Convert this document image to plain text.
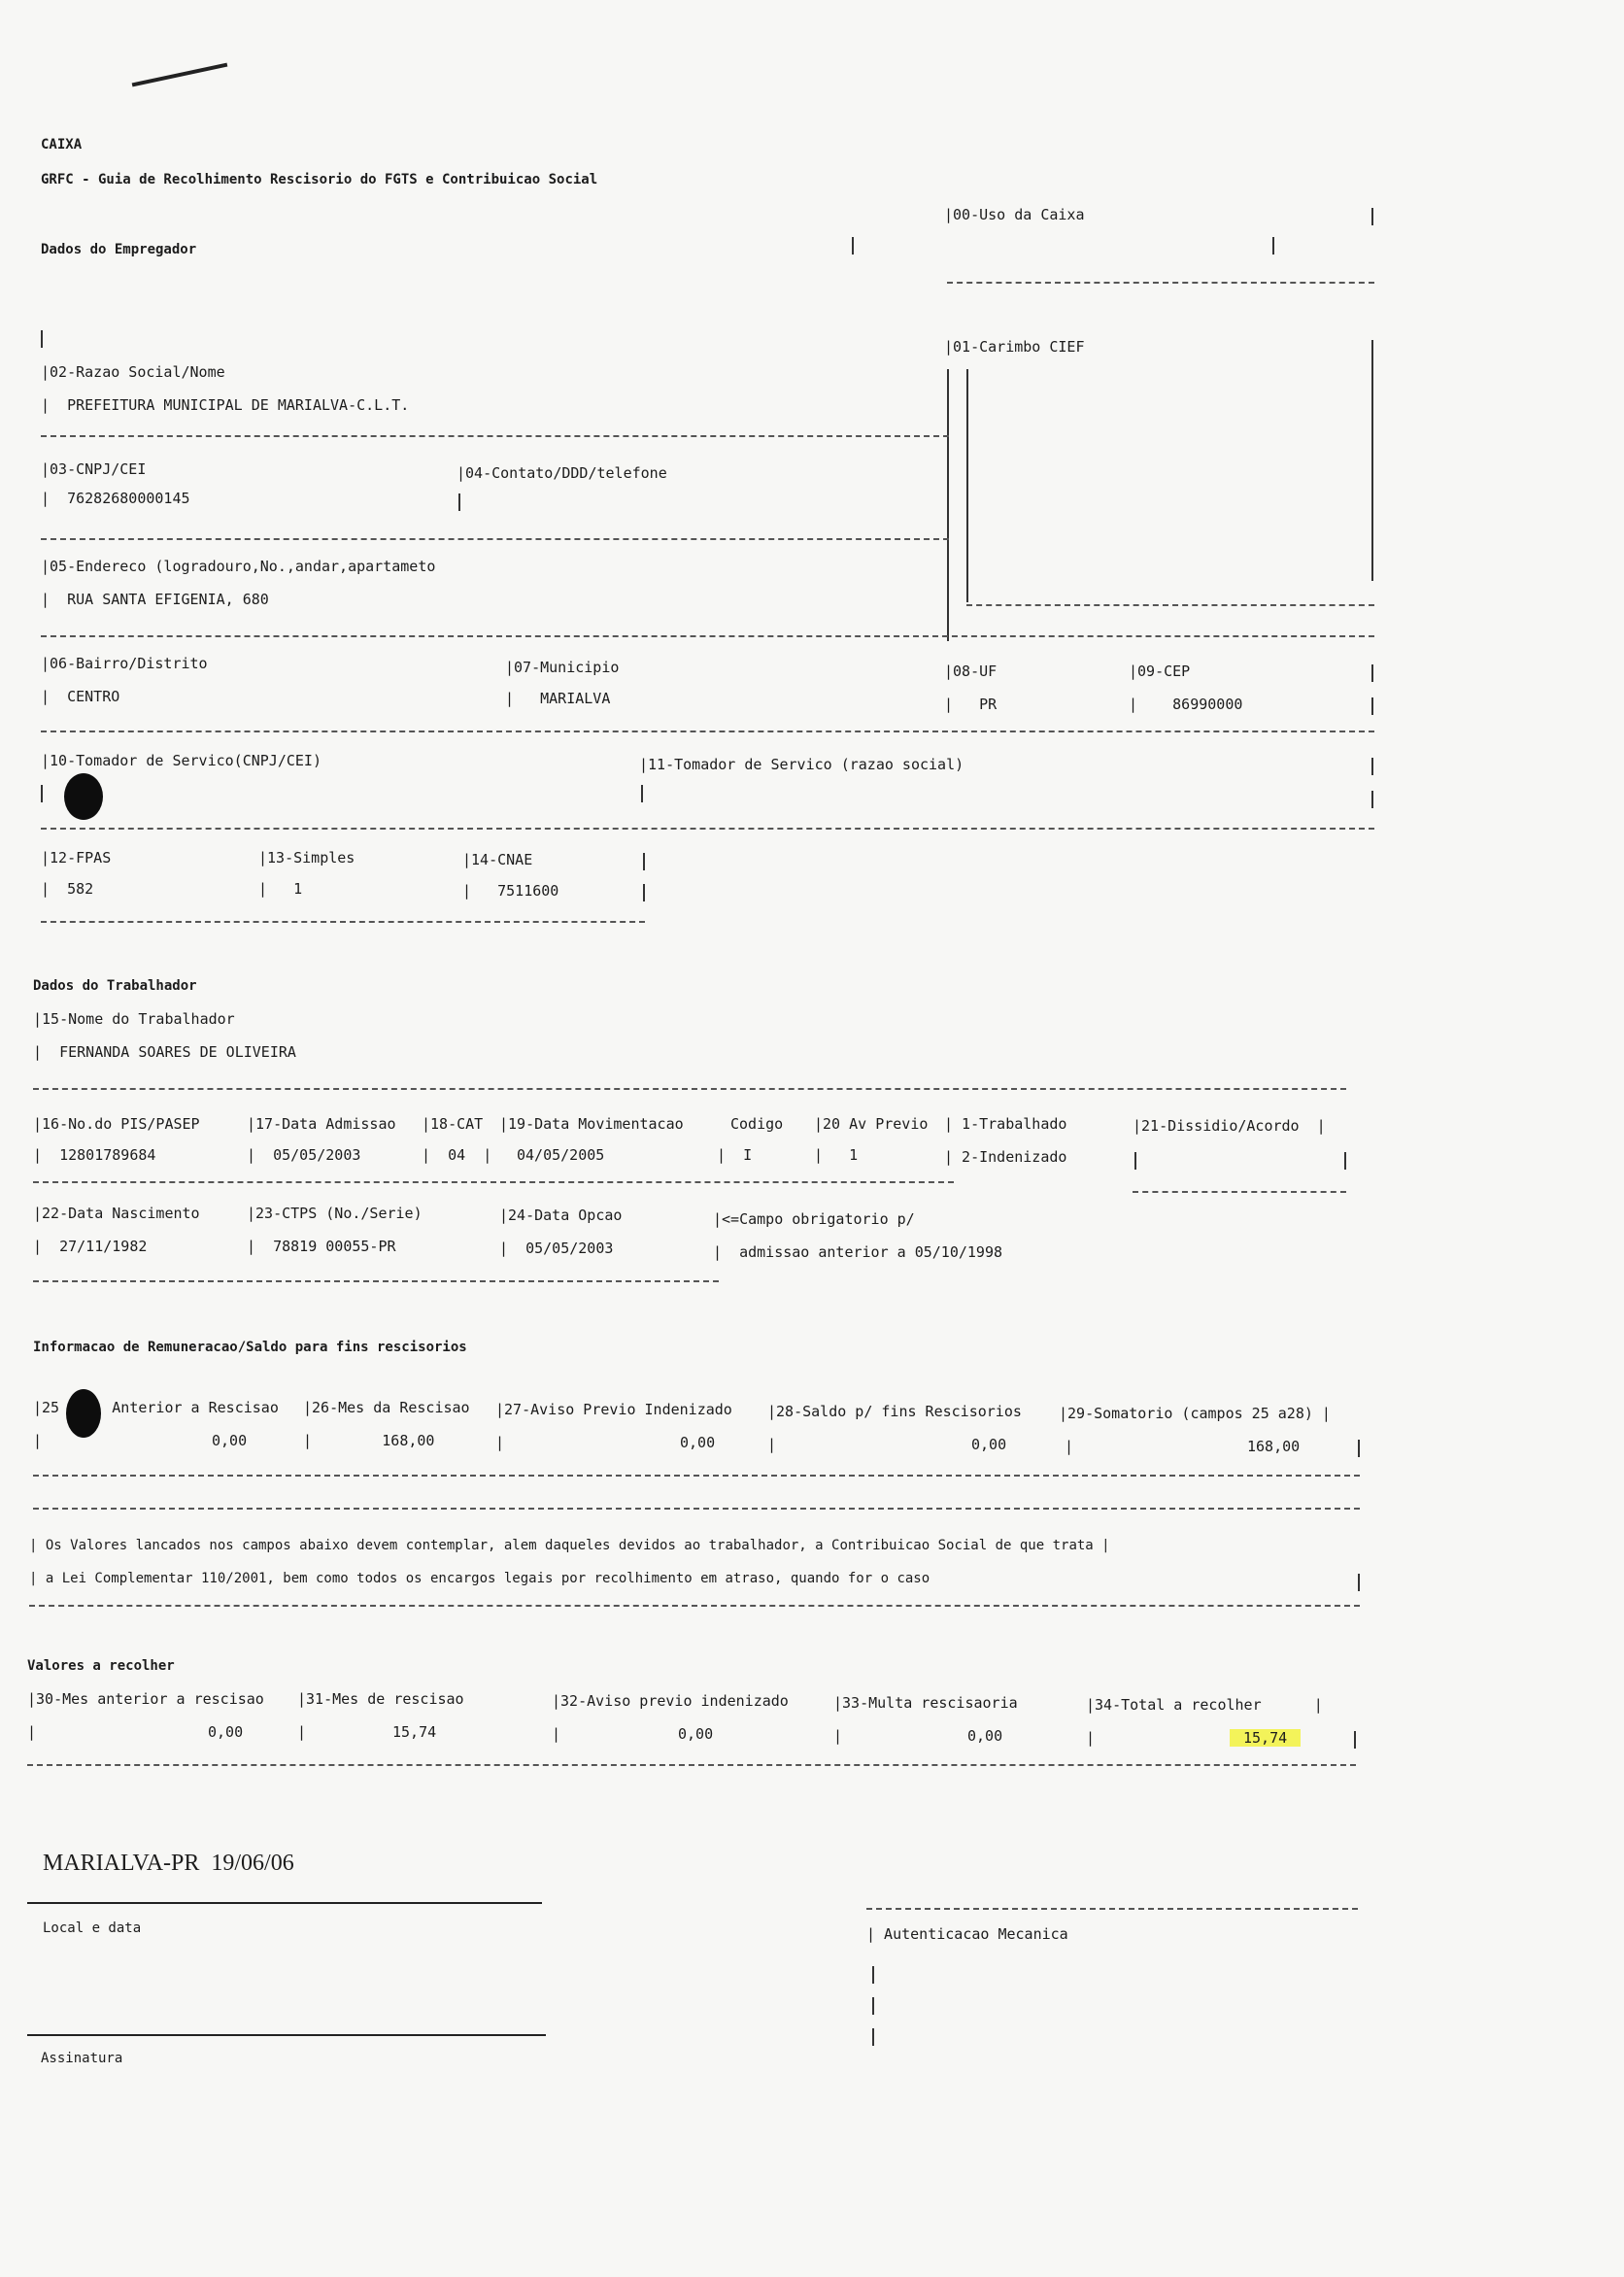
CAIXA
GRFC - Guia de Recolhimento Rescisorio do FGTS e Contribuicao Social
Dados do Empregador
|00-Uso da Caixa
|01-Carimbo CIEF
|02-Razao Social/Nome
|  PREFEITURA MUNICIPAL DE MARIALVA-C.L.T.
|03-CNPJ/CEI
|  76282680000145
|04-Contato/DDD/telefone
|05-Endereco (logradouro,No.,andar,apartameto
|  RUA SANTA EFIGENIA, 680
|06-Bairro/Distrito
|  CENTRO
|07-Municipio
|   MARIALVA
|08-UF
|   PR
|09-CEP
|    86990000
|10-Tomador de Servico(CNPJ/CEI)	|11-Tomador de Servico (razao social)
|12-FPAS
|  582
|13-Simples
|   1
|14-CNAE
|   7511600
Dados do Trabalhador
|15-Nome do Trabalhador
|  FERNANDA SOARES DE OLIVEIRA
|16-No.do PIS/PASEP
|  12801789684
|17-Data Admissao
|  05/05/2003
|18-CAT
|  04  |
|19-Data Movimentacao
04/05/2005
Codigo
|  I
|20 Av Previo
|   1
| 1-Trabalhado
| 2-Indenizado
|21-Dissidio/Acordo  |
|22-Data Nascimento
|  27/11/1982
|23-CTPS (No./Serie)
|  78819 00055-PR
|24-Data Opcao
|  05/05/2003
|<=Campo obrigatorio p/
|  admissao anterior a 05/10/1998
Informacao de Remuneracao/Saldo para fins rescisorios
|25	Anterior a Rescisao
|	0,00
|26-Mes da Rescisao
|        168,00
|27-Aviso Previo Indenizado
|	0,00
|28-Saldo p/ fins Rescisorios
|	0,00
|29-Somatorio (campos 25 a28) |
|	168,00
| Os Valores lancados nos campos abaixo devem contemplar, alem daqueles devidos ao trabalhador, a Contribuicao Social de que trata |
| a Lei Complementar 110/2001, bem como todos os encargos legais por recolhimento em atraso, quando for o caso
Valores a recolher
|30-Mes anterior a rescisao
|	0,00
|31-Mes de rescisao
|	15,74
|32-Aviso previo indenizado
|	0,00
|33-Multa rescisaoria
|	0,00
|34-Total a recolher      |
|	15,74
MARIALVA-PR  19/06/06
Local e data
Assinatura
| Autenticacao Mecanica
